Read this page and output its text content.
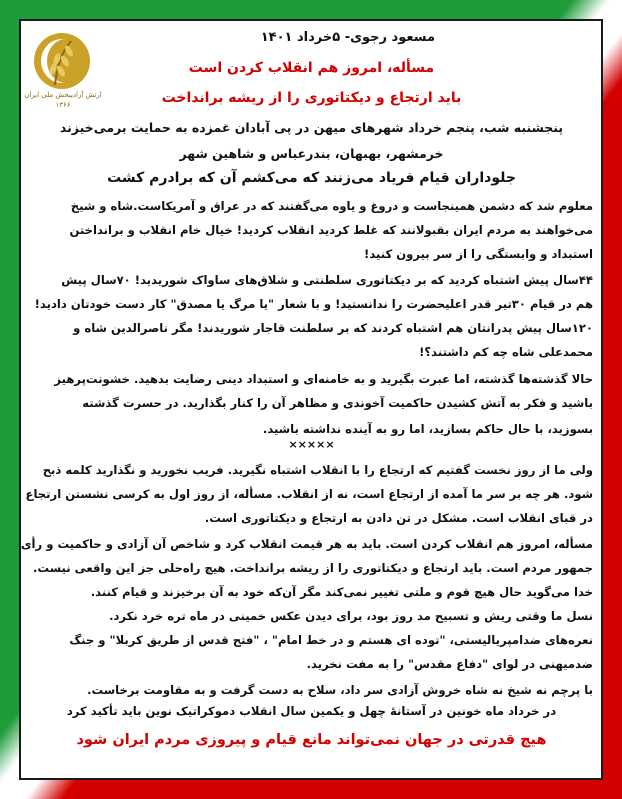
ارتش آزادیبخش ملی ایران
۱۳۶۶
مسعود رجوی- ۵خرداد ۱۴۰۱
مسأله، امروز هم انقلاب کردن است
باید ارتجاع و دیکتاتوری را از ریشه برانداخت
پنجشنبه شب، پنجم خرداد شهرهای میهن در پی آبادان غمزده به حمایت برمی‌خیزند
خرمشهر، بهبهان، بندرعباس و شاهین شهر
جلوداران قیام فریاد می‌زنند که می‌کشم آن که برادرم کشت
معلوم شد که دشمن همینجاست و دروغ و یاوه می‌گفتند که در عراق و آمریکاست.شاه و شیخ
می‌خواهند به مردم ایران بقبولانند که غلط کردید انقلاب کردید! خیال خام انقلاب و برانداختن
استبداد و وابستگی را از سر بیرون کنید!
۴۴سال پیش اشتباه کردید که بر دیکتاتوری سلطنتی و شلاق‌های ساواک شوریدید! ۷۰سال پیش
هم در قیام ۳۰تیر قدر اعلیحضرت را ندانستید! و با شعار "یا مرگ یا مصدق" کار دست خودتان دادید!
۱۲۰سال پیش پدرانتان هم اشتباه کردند که بر سلطنت قاجار شوریدند! مگر ناصرالدین شاه و
محمدعلی شاه چه کم داشتند؟!
حالا گذشته‌ها گذشته، اما عبرت بگیرید و به خامنه‌ای و استبداد دینی رضایت بدهید. خشونت‌پرهیز
باشید و فکر به آتش کشیدن حاکمیت آخوندی و مظاهر آن را کنار بگذارید. در حسرت گذشته
بسوزید، با حال حاکم بسازید، اما رو به آینده نداشته باشید.
×××××
ولی ما از روز نخست گفتیم که ارتجاع را با انقلاب اشتباه نگیرید. فریب نخورید و نگذارید کلمه ذبح
شود. هر چه بر سر ما آمده از ارتجاع است، نه از انقلاب. مسأله، از روز اول به کرسی نشستن ارتجاع
در قبای انقلاب است. مشکل در تن دادن به ارتجاع و دیکتاتوری است.
مسأله، امروز هم انقلاب کردن است. باید به هر قیمت انقلاب کرد و شاخص آن آزادی و حاکمیت و رأی
جمهور مردم است. باید ارتجاع و دیکتاتوری را از ریشه برانداخت. هیچ راه‌حلی جز این واقعی نیست.
خدا می‌گوید حال هیچ قوم و ملتی تغییر نمی‌کند مگر آن‌که خود به آن برخیزند و قیام کنند.
نسل ما وقتی ریش و تسبیح مد روز بود، برای دیدن عکس خمینی در ماه تره خرد نکرد.
نعره‌های ضدامپریالیستی، "توده ای هستم و در خط امام" ، "فتح قدس از طریق کربلا" و جنگ
ضدمیهنی در لوای "دفاع مقدس" را به مفت نخرید.
با پرچم نه شیخ نه شاه خروش آزادی سر داد، سلاح به دست گرفت و به مقاومت برخاست.
در خرداد ماه خونین در آستانهٔ چهل و یکمین سال انقلاب دموکراتیک نوین باید تأکید کرد
هیچ قدرتی در جهان نمی‌تواند مانع قیام و پیروزی مردم ایران شود
